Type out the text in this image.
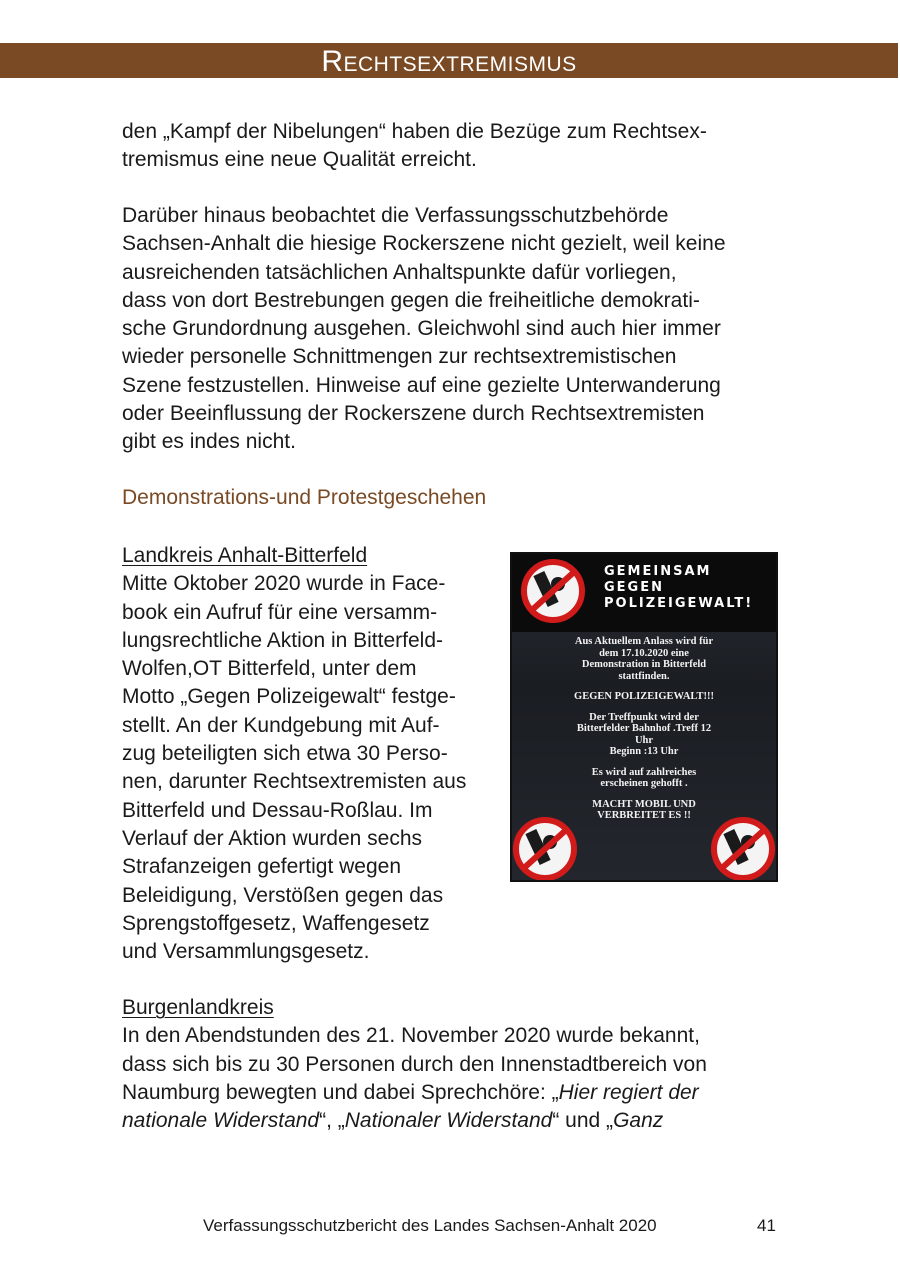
Rechtsextremismus
den „Kampf der Nibelungen“ haben die Bezüge zum Rechtsex-
tremismus eine neue Qualität erreicht.
Darüber hinaus beobachtet die Verfassungsschutzbehörde
Sachsen-Anhalt die hiesige Rockerszene nicht gezielt, weil keine
ausreichenden tatsächlichen Anhaltspunkte dafür vorliegen,
dass von dort Bestrebungen gegen die freiheitliche demokrati-
sche Grundordnung ausgehen. Gleichwohl sind auch hier immer
wieder personelle Schnittmengen zur rechtsextremistischen
Szene festzustellen. Hinweise auf eine gezielte Unterwanderung
oder Beeinflussung der Rockerszene durch Rechtsextremisten
gibt es indes nicht.
Demonstrations-und Protestgeschehen
Landkreis Anhalt-Bitterfeld
Mitte Oktober 2020 wurde in Face-
book ein Aufruf für eine versamm-
lungsrechtliche Aktion in Bitterfeld-
Wolfen,OT Bitterfeld, unter dem
Motto „Gegen Polizeigewalt“ festge-
stellt. An der Kundgebung mit Auf-
zug beteiligten sich etwa 30 Perso-
nen, darunter Rechtsextremisten aus
Bitterfeld und Dessau-Roßlau. Im
Verlauf der Aktion wurden sechs
Strafanzeigen gefertigt wegen
Beleidigung, Verstößen gegen das
Sprengstoffgesetz, Waffengesetz
und Versammlungsgesetz.
GEMEINSAM
GEGEN
POLIZEIGEWALT!

Aus Aktuellem Anlass wird für
dem 17.10.2020 eine
Demonstration in Bitterfeld
stattfinden.

GEGEN POLIZEIGEWALT!!!

Der Treffpunkt wird der
Bitterfelder Bahnhof .Treff 12
Uhr
Beginn :13 Uhr

Es wird auf zahlreiches
erscheinen gehofft .

MACHT MOBIL UND
VERBREITET ES !!

Burgenlandkreis
In den Abendstunden des 21. November 2020 wurde bekannt,
dass sich bis zu 30 Personen durch den Innenstadtbereich von
Naumburg bewegten und dabei Sprechchöre: „Hier regiert der
nationale Widerstand“, „Nationaler Widerstand“ und „Ganz
Verfassungsschutzbericht des Landes Sachsen-Anhalt 2020	41
